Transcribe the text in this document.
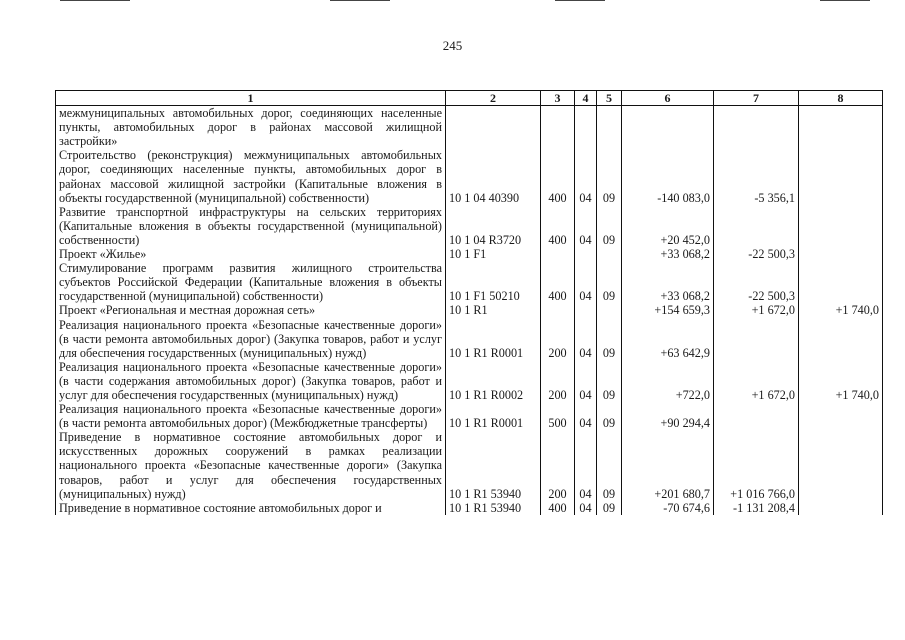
245
1	2	3	4	5	6	7	8
межмуниципальных автомобильных дорог, соединяющих населенные пункты, автомобильных дорог в районах массовой жилищной застройки»							
Строительство (реконструкция) межмуниципальных автомобильных дорог, соединяющих населенные пункты, автомобильных дорог в районах массовой жилищной застройки (Капитальные вложения в объекты государственной (муниципальной) собственности)	10 1 04 40390	400	04	09	-140 083,0	-5 356,1	
Развитие транспортной инфраструктуры на сельских территориях (Капитальные вложения в объекты государственной (муниципальной) собственности)	10 1 04 R3720	400	04	09	+20 452,0		
Проект «Жилье»	10 1 F1				+33 068,2	-22 500,3	
Стимулирование программ развития жилищного строительства субъектов Российской Федерации (Капитальные вложения в объекты государственной (муниципальной) собственности)	10 1 F1 50210	400	04	09	+33 068,2	-22 500,3	
Проект «Региональная и местная дорожная сеть»	10 1 R1				+154 659,3	+1 672,0	+1 740,0
Реализация национального проекта «Безопасные качественные дороги» (в части ремонта автомобильных дорог) (Закупка товаров, работ и услуг для обеспечения государственных (муниципальных) нужд)	10 1 R1 R0001	200	04	09	+63 642,9		
Реализация национального проекта «Безопасные качественные дороги» (в части содержания автомобильных дорог) (Закупка товаров, работ и услуг для обеспечения государственных (муниципальных) нужд)	10 1 R1 R0002	200	04	09	+722,0	+1 672,0	+1 740,0
Реализация национального проекта «Безопасные качественные дороги» (в части ремонта автомобильных дорог) (Межбюджетные трансферты)	10 1 R1 R0001	500	04	09	+90 294,4		
Приведение в нормативное состояние автомобильных дорог и искусственных дорожных сооружений в рамках реализации национального проекта «Безопасные качественные дороги» (Закупка товаров, работ и услуг для обеспечения государственных (муниципальных) нужд)	10 1 R1 53940	200	04	09	+201 680,7	+1 016 766,0	
Приведение в нормативное состояние автомобильных дорог и	10 1 R1 53940	400	04	09	-70 674,6	-1 131 208,4	
